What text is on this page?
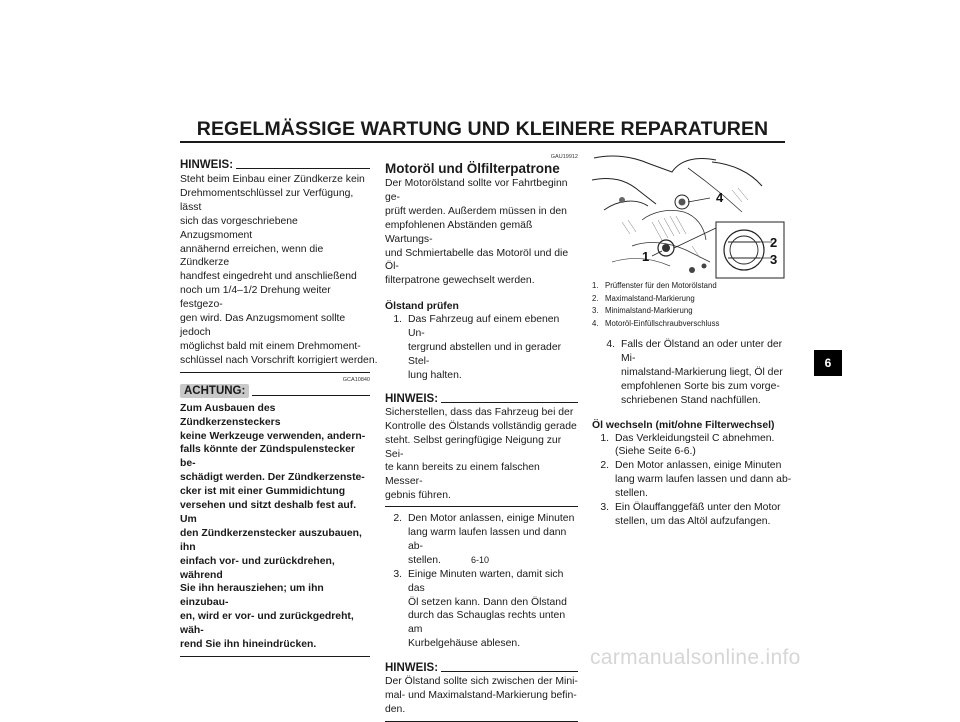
REGELMÄSSIGE WARTUNG UND KLEINERE REPARATUREN
HINWEIS:
Steht beim Einbau einer Zündkerze kein
Drehmomentschlüssel zur Verfügung, lässt
sich das vorgeschriebene Anzugsmoment
annähernd erreichen, wenn die Zündkerze
handfest eingedreht und anschließend
noch um 1/4–1/2 Drehung weiter festgezo-
gen wird. Das Anzugsmoment sollte jedoch
möglichst bald mit einem Drehmoment-
schlüssel nach Vorschrift korrigiert werden.
GCA10840
ACHTUNG:
Zum Ausbauen des Zündkerzensteckers
keine Werkzeuge verwenden, andern-
falls könnte der Zündspulenstecker be-
schädigt werden. Der Zündkerzenste-
cker ist mit einer Gummidichtung
versehen und sitzt deshalb fest auf. Um
den Zündkerzenstecker auszubauen, ihn
einfach vor- und zurückdrehen, während
Sie ihn herausziehen; um ihn einzubau-
en, wird er vor- und zurückgedreht, wäh-
rend Sie ihn hineindrücken.
GAU19912
Motoröl und Ölfilterpatrone
Der Motorölstand sollte vor Fahrtbeginn ge-
prüft werden. Außerdem müssen in den
empfohlenen Abständen gemäß Wartungs-
und Schmiertabelle das Motoröl und die Öl-
filterpatrone gewechselt werden.
Ölstand prüfen
1. Das Fahrzeug auf einem ebenen Un-
tergrund abstellen und in gerader Stel-
lung halten.
HINWEIS:
Sicherstellen, dass das Fahrzeug bei der
Kontrolle des Ölstands vollständig gerade
steht. Selbst geringfügige Neigung zur Sei-
te kann bereits zu einem falschen Messer-
gebnis führen.
2. Den Motor anlassen, einige Minuten
lang warm laufen lassen und dann ab-
stellen.
3. Einige Minuten warten, damit sich das
Öl setzen kann. Dann den Ölstand
durch das Schauglas rechts unten am
Kurbelgehäuse ablesen.
HINWEIS:
Der Ölstand sollte sich zwischen der Mini-
mal- und Maximalstand-Markierung befin-
den.
4
1
2
3
1. Prüffenster für den Motorölstand
2. Maximalstand-Markierung
3. Minimalstand-Markierung
4. Motoröl-Einfüllschraubverschluss
4. Falls der Ölstand an oder unter der Mi-
nimalstand-Markierung liegt, Öl der
empfohlenen Sorte bis zum vorge-
schriebenen Stand nachfüllen.
Öl wechseln (mit/ohne Filterwechsel)
1. Das Verkleidungsteil C abnehmen.
(Siehe Seite 6-6.)
2. Den Motor anlassen, einige Minuten
lang warm laufen lassen und dann ab-
stellen.
3. Ein Ölauffanggefäß unter den Motor
stellen, um das Altöl aufzufangen.
6
6-10
carmanualsonline.info
